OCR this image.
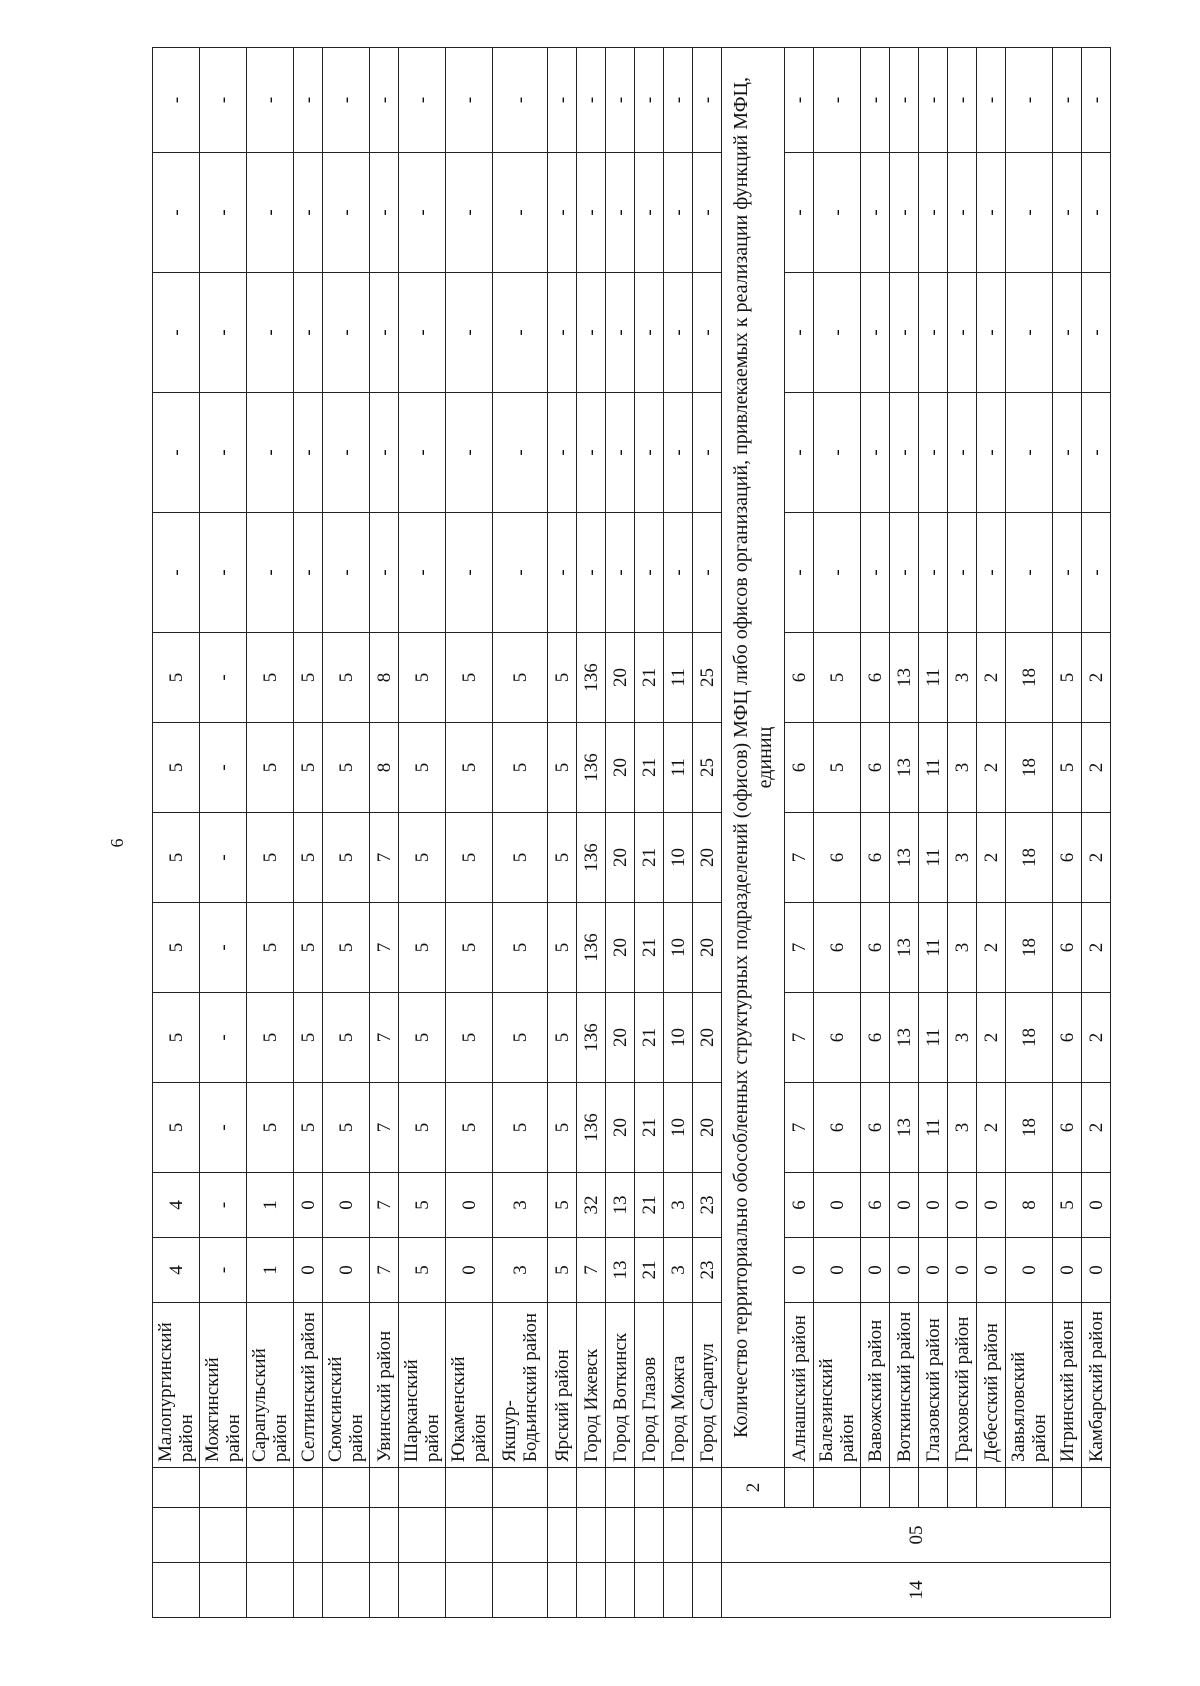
6
			Малопургинский район	4	4	5	5	5	5	5	5	-	-	-	-	-
			Можгинский район	-	-	-	-	-	-	-	-	-	-	-	-	-
			Сарапульский район	1	1	5	5	5	5	5	5	-	-	-	-	-
			Селтинский район	0	0	5	5	5	5	5	5	-	-	-	-	-
			Сюмсинский район	0	0	5	5	5	5	5	5	-	-	-	-	-
			Увинский район	7	7	7	7	7	7	8	8	-	-	-	-	-
			Шарканский район	5	5	5	5	5	5	5	5	-	-	-	-	-
			Юкаменский район	0	0	5	5	5	5	5	5	-	-	-	-	-
			Якшур-Бодьинский район	3	3	5	5	5	5	5	5	-	-	-	-	-
			Ярский район	5	5	5	5	5	5	5	5	-	-	-	-	-
			Город Ижевск	7	32	136	136	136	136	136	136	-	-	-	-	-
			Город Воткинск	13	13	20	20	20	20	20	20	-	-	-	-	-
			Город Глазов	21	21	21	21	21	21	21	21	-	-	-	-	-
			Город Можга	3	3	10	10	10	10	11	11	-	-	-	-	-
			Город Сарапул	23	23	20	20	20	20	25	25	-	-	-	-	-
14	05	2	Количество территориально обособленных структурных подразделений (офисов) МФЦ либо офисов организаций, привлекаемых к реализации функций МФЦ, единиц													
			Алнашский район	0	6	7	7	7	7	6	6	-	-	-	-	-
			Балезинский район	0	0	6	6	6	6	5	5	-	-	-	-	-
			Вавожский район	0	6	6	6	6	6	6	6	-	-	-	-	-
			Воткинский район	0	0	13	13	13	13	13	13	-	-	-	-	-
			Глазовский район	0	0	11	11	11	11	11	11	-	-	-	-	-
			Граховский район	0	0	3	3	3	3	3	3	-	-	-	-	-
			Дебесский район	0	0	2	2	2	2	2	2	-	-	-	-	-
			Завьяловский район	0	8	18	18	18	18	18	18	-	-	-	-	-
			Игринский район	0	5	6	6	6	6	5	5	-	-	-	-	-
			Камбарский район	0	0	2	2	2	2	2	2	-	-	-	-	-
